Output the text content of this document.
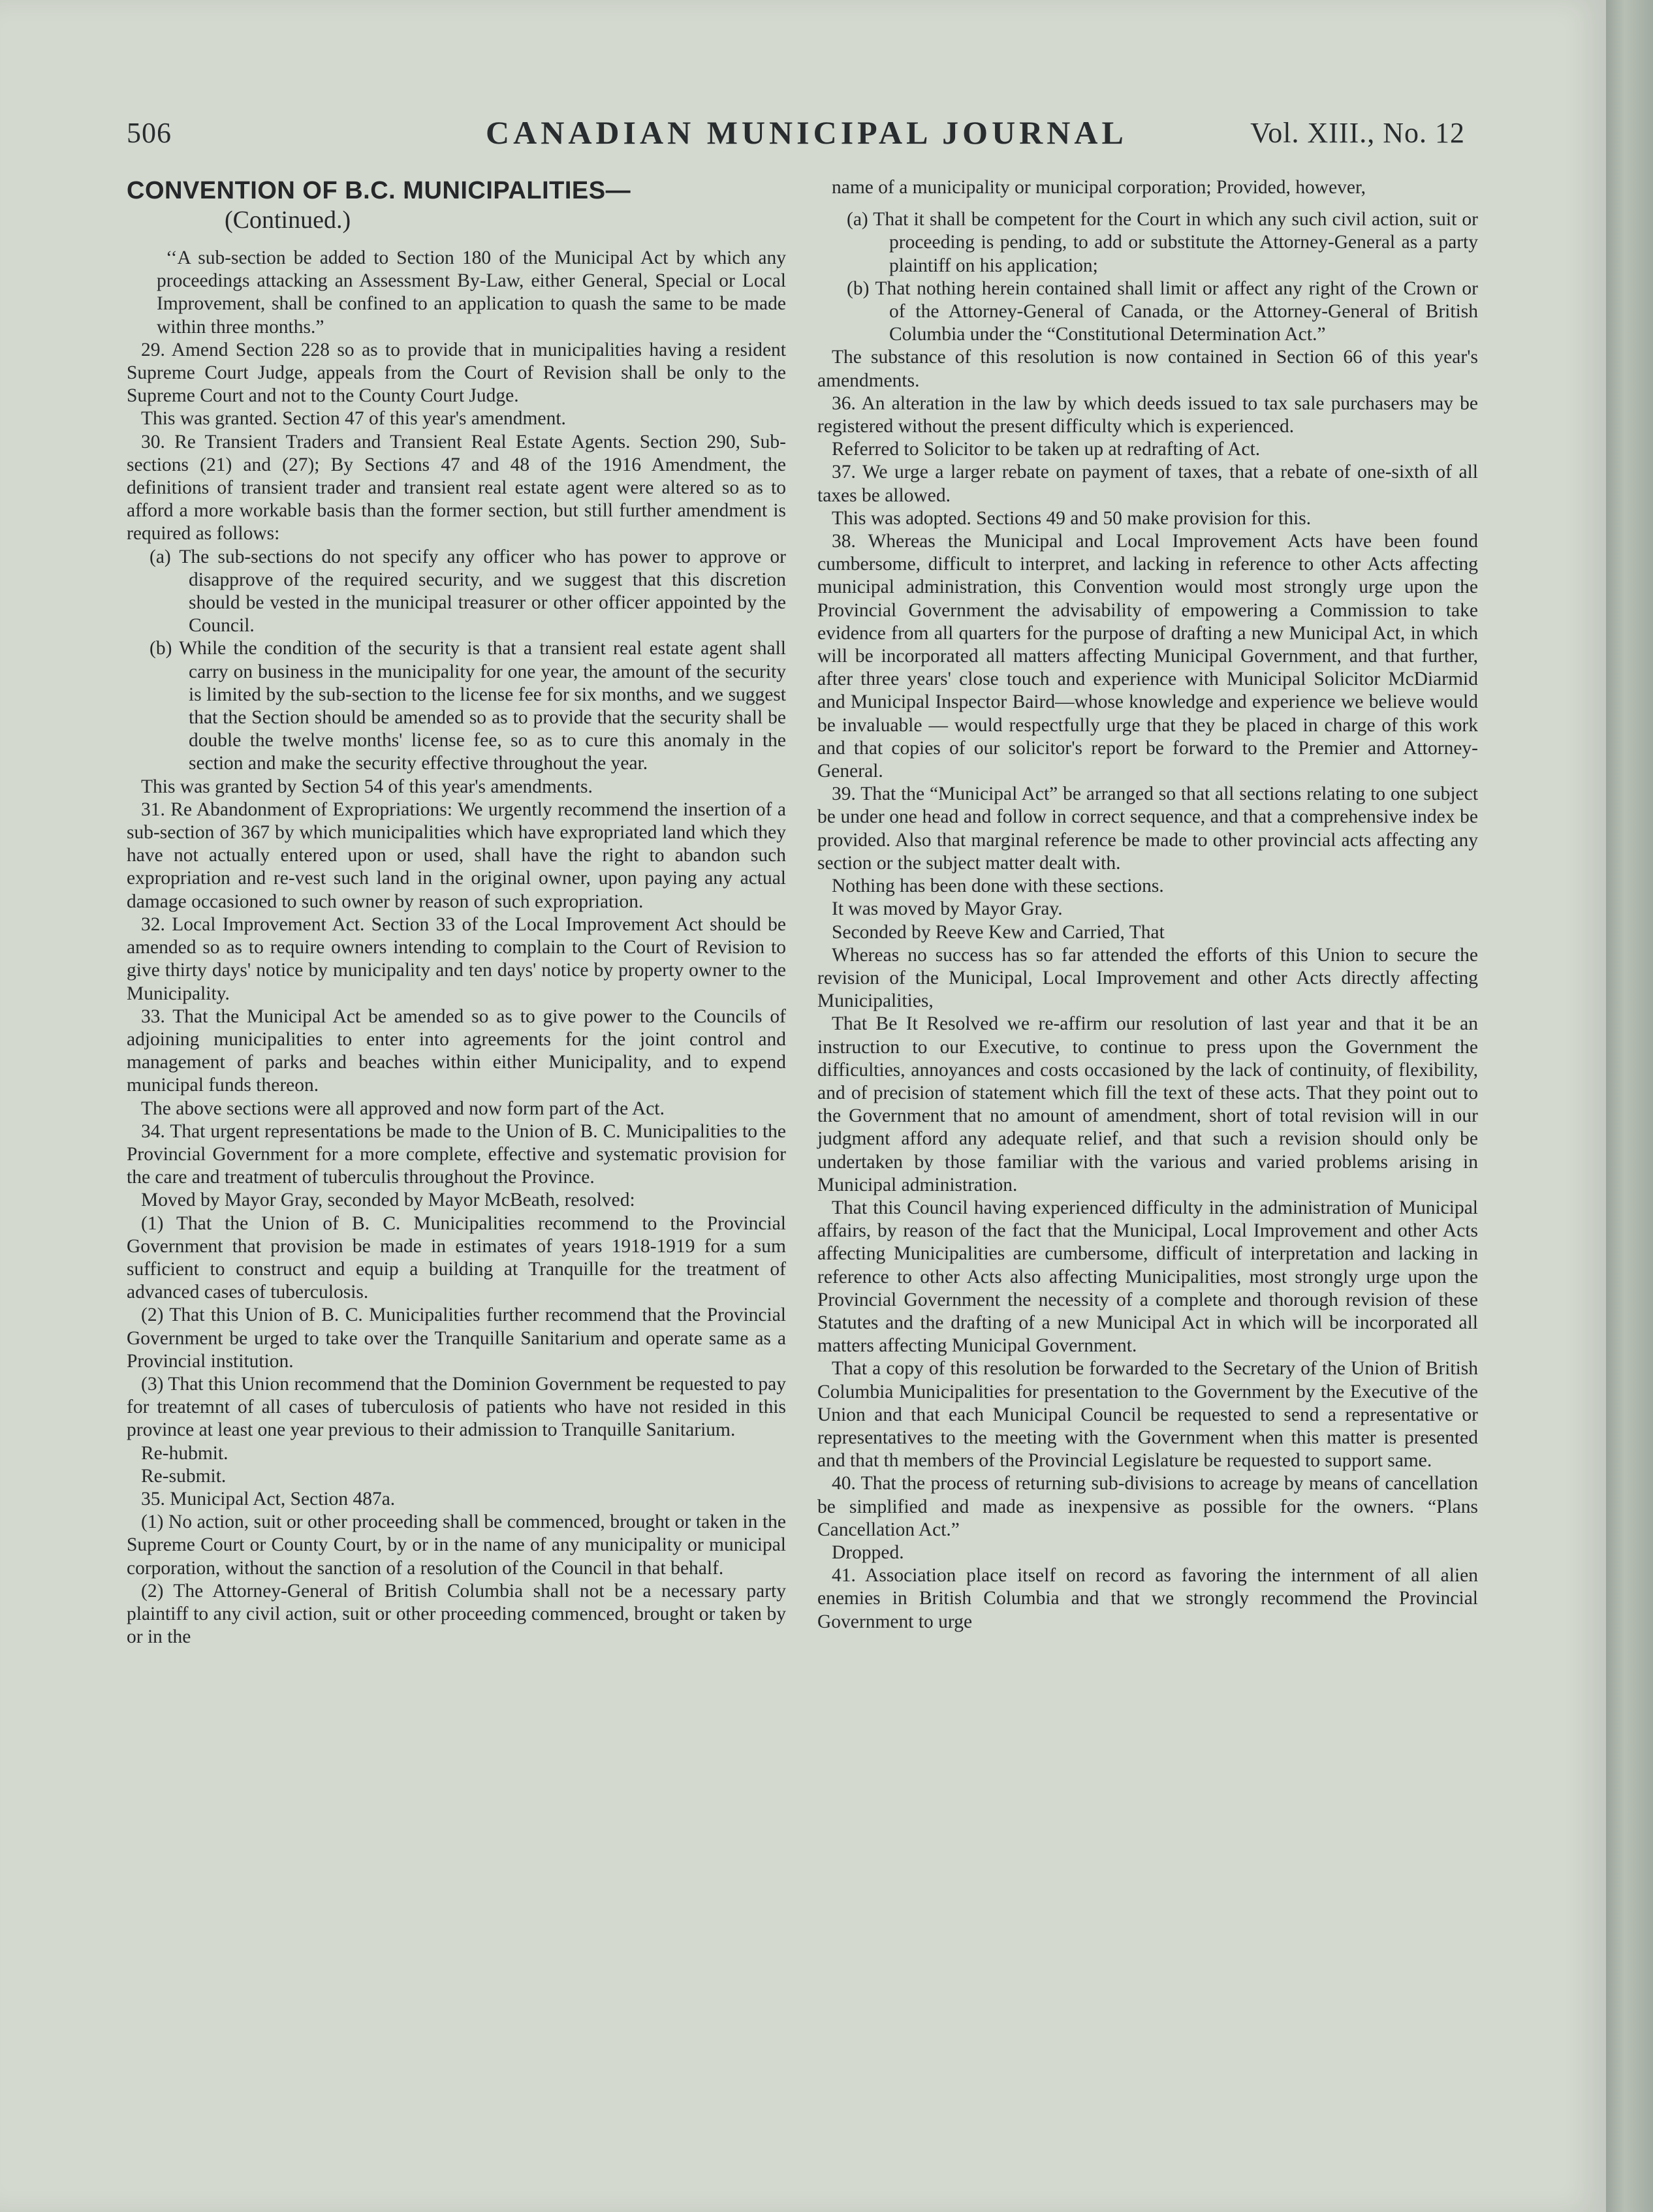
506	CANADIAN MUNICIPAL JOURNAL	Vol. XIII., No. 12

CONVENTION OF B.C. MUNICIPALITIES—

(Continued.)

‘‘A sub-section be added to Section 180 of the Municipal Act by which any proceedings attacking an Assessment By-Law, either General, Special or Local Improvement, shall be confined to an application to quash the same to be made within three months.”

29. Amend Section 228 so as to provide that in municipalities having a resident Supreme Court Judge, appeals from the Court of Revision shall be only to the Supreme Court and not to the County Court Judge.

This was granted. Section 47 of this year's amendment.

30. Re Transient Traders and Transient Real Estate Agents. Section 290, Sub-sections (21) and (27); By Sections 47 and 48 of the 1916 Amendment, the definitions of transient trader and transient real estate agent were altered so as to afford a more workable basis than the former section, but still further amendment is required as follows:

(a) The sub-sections do not specify any officer who has power to approve or disapprove of the required security, and we suggest that this discretion should be vested in the municipal treasurer or other officer appointed by the Council.

(b) While the condition of the security is that a transient real estate agent shall carry on business in the municipality for one year, the amount of the security is limited by the sub-section to the license fee for six months, and we suggest that the Section should be amended so as to provide that the security shall be double the twelve months' license fee, so as to cure this anomaly in the section and make the security effective throughout the year.

This was granted by Section 54 of this year's amendments.

31. Re Abandonment of Expropriations: We urgently recommend the insertion of a sub-section of 367 by which municipalities which have expropriated land which they have not actually entered upon or used, shall have the right to abandon such expropriation and re-vest such land in the original owner, upon paying any actual damage occasioned to such owner by reason of such expropriation.

32. Local Improvement Act. Section 33 of the Local Improvement Act should be amended so as to require owners intending to complain to the Court of Revision to give thirty days' notice by municipality and ten days' notice by property owner to the Municipality.

33. That the Municipal Act be amended so as to give power to the Councils of adjoining municipalities to enter into agreements for the joint control and management of parks and beaches within either Municipality, and to expend municipal funds thereon.

The above sections were all approved and now form part of the Act.

34. That urgent representations be made to the Union of B. C. Municipalities to the Provincial Government for a more complete, effective and systematic provision for the care and treatment of tuberculis throughout the Province.

Moved by Mayor Gray, seconded by Mayor McBeath, resolved:

(1) That the Union of B. C. Municipalities recommend to the Provincial Government that provision be made in estimates of years 1918-1919 for a sum sufficient to construct and equip a building at Tranquille for the treatment of advanced cases of tuberculosis.

(2) That this Union of B. C. Municipalities further recommend that the Provincial Government be urged to take over the Tranquille Sanitarium and operate same as a Provincial institution.

(3) That this Union recommend that the Dominion Government be requested to pay for treatemnt of all cases of tuberculosis of patients who have not resided in this province at least one year previous to their admission to Tranquille Sanitarium.

Re-hubmit.

Re-submit.

35. Municipal Act, Section 487a.

(1) No action, suit or other proceeding shall be commenced, brought or taken in the Supreme Court or County Court, by or in the name of any municipality or municipal corporation, without the sanction of a resolution of the Council in that behalf.

(2) The Attorney-General of British Columbia shall not be a necessary party plaintiff to any civil action, suit or other proceeding commenced, brought or taken by or in the

name of a municipality or municipal corporation; Provided, however,

(a) That it shall be competent for the Court in which any such civil action, suit or proceeding is pending, to add or substitute the Attorney-General as a party plaintiff on his application;

(b) That nothing herein contained shall limit or affect any right of the Crown or of the Attorney-General of Canada, or the Attorney-General of British Columbia under the “Constitutional Determination Act.”

The substance of this resolution is now contained in Section 66 of this year's amendments.

36. An alteration in the law by which deeds issued to tax sale purchasers may be registered without the present difficulty which is experienced.

Referred to Solicitor to be taken up at redrafting of Act.

37. We urge a larger rebate on payment of taxes, that a rebate of one-sixth of all taxes be allowed.

This was adopted. Sections 49 and 50 make provision for this.

38. Whereas the Municipal and Local Improvement Acts have been found cumbersome, difficult to interpret, and lacking in reference to other Acts affecting municipal administration, this Convention would most strongly urge upon the Provincial Government the advisability of empowering a Commission to take evidence from all quarters for the purpose of drafting a new Municipal Act, in which will be incorporated all matters affecting Municipal Government, and that further, after three years' close touch and experience with Municipal Solicitor McDiarmid and Municipal Inspector Baird—whose knowledge and experience we believe would be invaluable — would respectfully urge that they be placed in charge of this work and that copies of our solicitor's report be forward to the Premier and Attorney-General.

39. That the “Municipal Act” be arranged so that all sections relating to one subject be under one head and follow in correct sequence, and that a comprehensive index be provided. Also that marginal reference be made to other provincial acts affecting any section or the subject matter dealt with.

Nothing has been done with these sections.

It was moved by Mayor Gray.

Seconded by Reeve Kew and Carried, That

Whereas no success has so far attended the efforts of this Union to secure the revision of the Municipal, Local Improvement and other Acts directly affecting Municipalities,

That Be It Resolved we re-affirm our resolution of last year and that it be an instruction to our Executive, to continue to press upon the Government the difficulties, annoyances and costs occasioned by the lack of continuity, of flexibility, and of precision of statement which fill the text of these acts. That they point out to the Government that no amount of amendment, short of total revision will in our judgment afford any adequate relief, and that such a revision should only be undertaken by those familiar with the various and varied problems arising in Municipal administration.

That this Council having experienced difficulty in the administration of Municipal affairs, by reason of the fact that the Municipal, Local Improvement and other Acts affecting Municipalities are cumbersome, difficult of interpretation and lacking in reference to other Acts also affecting Municipalities, most strongly urge upon the Provincial Government the necessity of a complete and thorough revision of these Statutes and the drafting of a new Municipal Act in which will be incorporated all matters affecting Municipal Government.

That a copy of this resolution be forwarded to the Secretary of the Union of British Columbia Municipalities for presentation to the Government by the Executive of the Union and that each Municipal Council be requested to send a representative or representatives to the meeting with the Government when this matter is presented and that th members of the Provincial Legislature be requested to support same.

40. That the process of returning sub-divisions to acreage by means of cancellation be simplified and made as inexpensive as possible for the owners. “Plans Cancellation Act.”

Dropped.

41. Association place itself on record as favoring the internment of all alien enemies in British Columbia and that we strongly recommend the Provincial Government to urge
